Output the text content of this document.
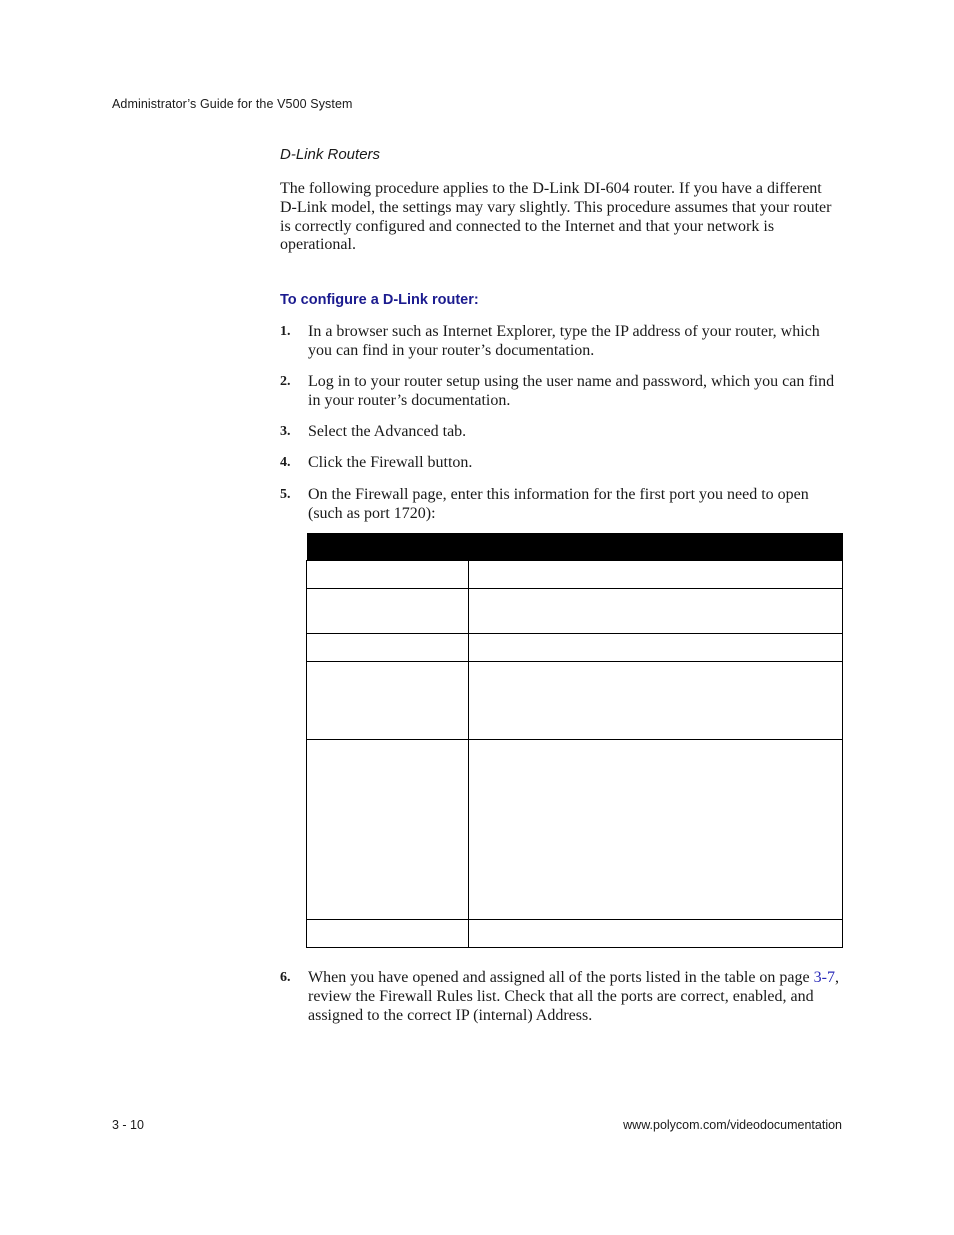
Administrator’s Guide for the V500 System
D-Link Routers

The following procedure applies to the D-Link DI-604 router. If you have a different D-Link model, the settings may vary slightly. This procedure assumes that your router is correctly configured and connected to the Internet and that your network is operational.

To configure a D-Link router:
1. In a browser such as Internet Explorer, type the IP address of your router, which you can find in your router’s documentation.
2. Log in to your router setup using the user name and password, which you can find in your router’s documentation.
3. Select the Advanced tab.
4. Click the Firewall button.
5. On the Firewall page, enter this information for the first port you need to open (such as port 1720):

6. When you have opened and assigned all of the ports listed in the table on page 3-7, review the Firewall Rules list. Check that all the ports are correct, enabled, and assigned to the correct IP (internal) Address.
3 - 10	www.polycom.com/videodocumentation
